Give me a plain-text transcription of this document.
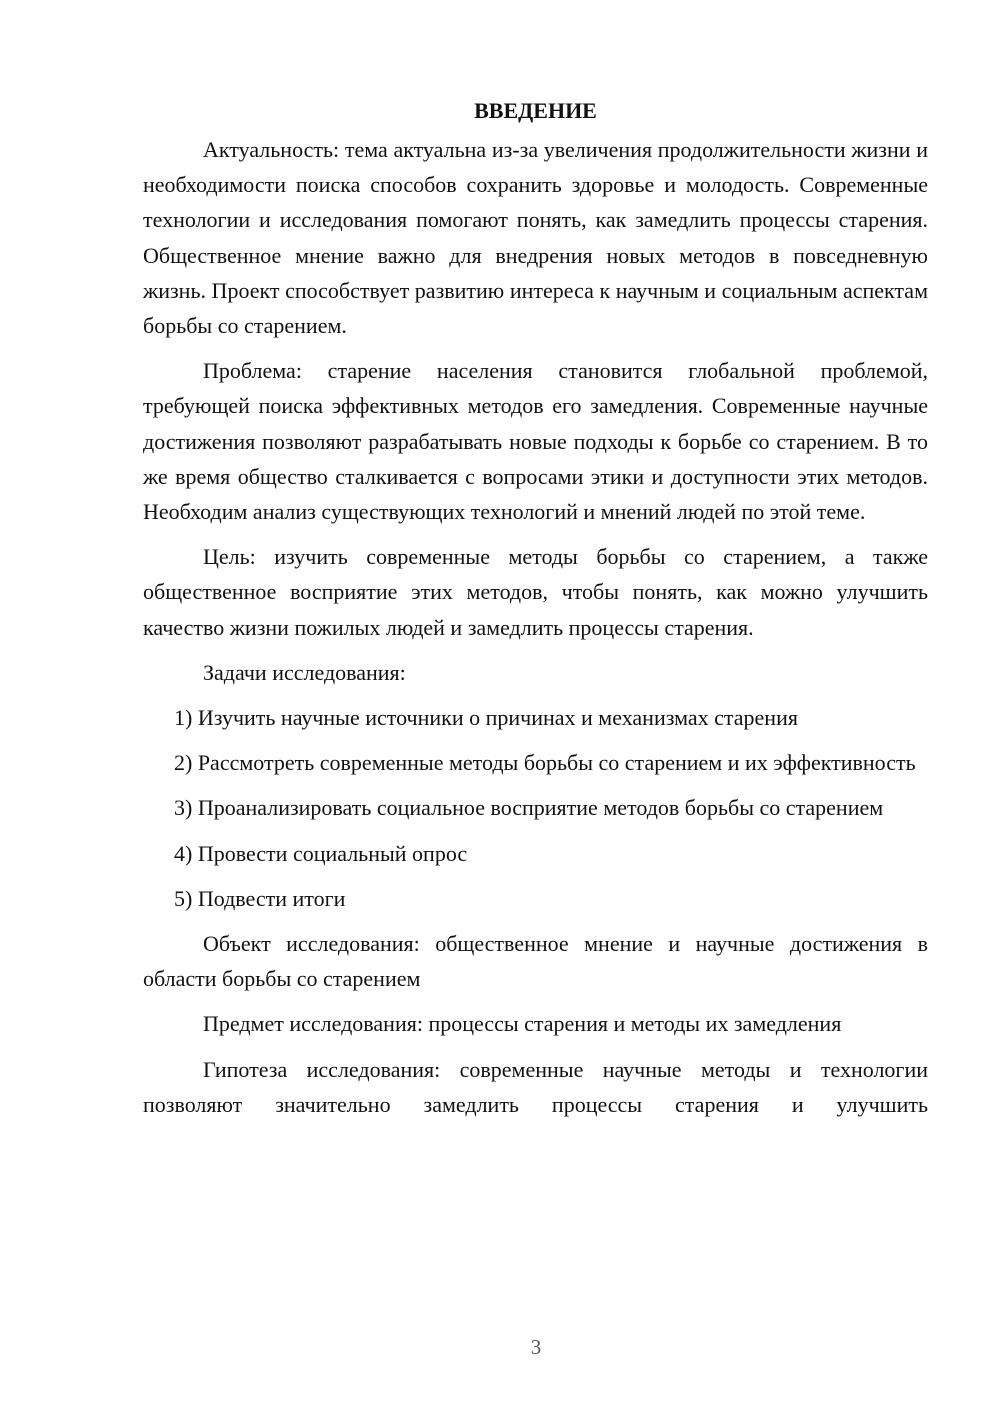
ВВЕДЕНИЕ

Актуальность: тема актуальна из-за увеличения продолжительности жизни и необходимости поиска способов сохранить здоровье и молодость. Современные технологии и исследования помогают понять, как замедлить процессы старения. Общественное мнение важно для внедрения новых методов в повседневную жизнь. Проект способствует развитию интереса к научным и социальным аспектам борьбы со старением.

Проблема: старение населения становится глобальной проблемой, требующей поиска эффективных методов его замедления. Современные научные достижения позволяют разрабатывать новые подходы к борьбе со старением. В то же время общество сталкивается с вопросами этики и доступности этих методов. Необходим анализ существующих технологий и мнений людей по этой теме.

Цель: изучить современные методы борьбы со старением, а также общественное восприятие этих методов, чтобы понять, как можно улучшить качество жизни пожилых людей и замедлить процессы старения.

Задачи исследования:

1) Изучить научные источники о причинах и механизмах старения

2) Рассмотреть современные методы борьбы со старением и их эффективность

3) Проанализировать социальное восприятие методов борьбы со старением

4) Провести социальный опрос

5) Подвести итоги

Объект исследования: общественное мнение и научные достижения в области борьбы со старением

Предмет исследования: процессы старения и методы их замедления

Гипотеза исследования: современные научные методы и технологии позволяют значительно замедлить процессы старения и улучшить

3
